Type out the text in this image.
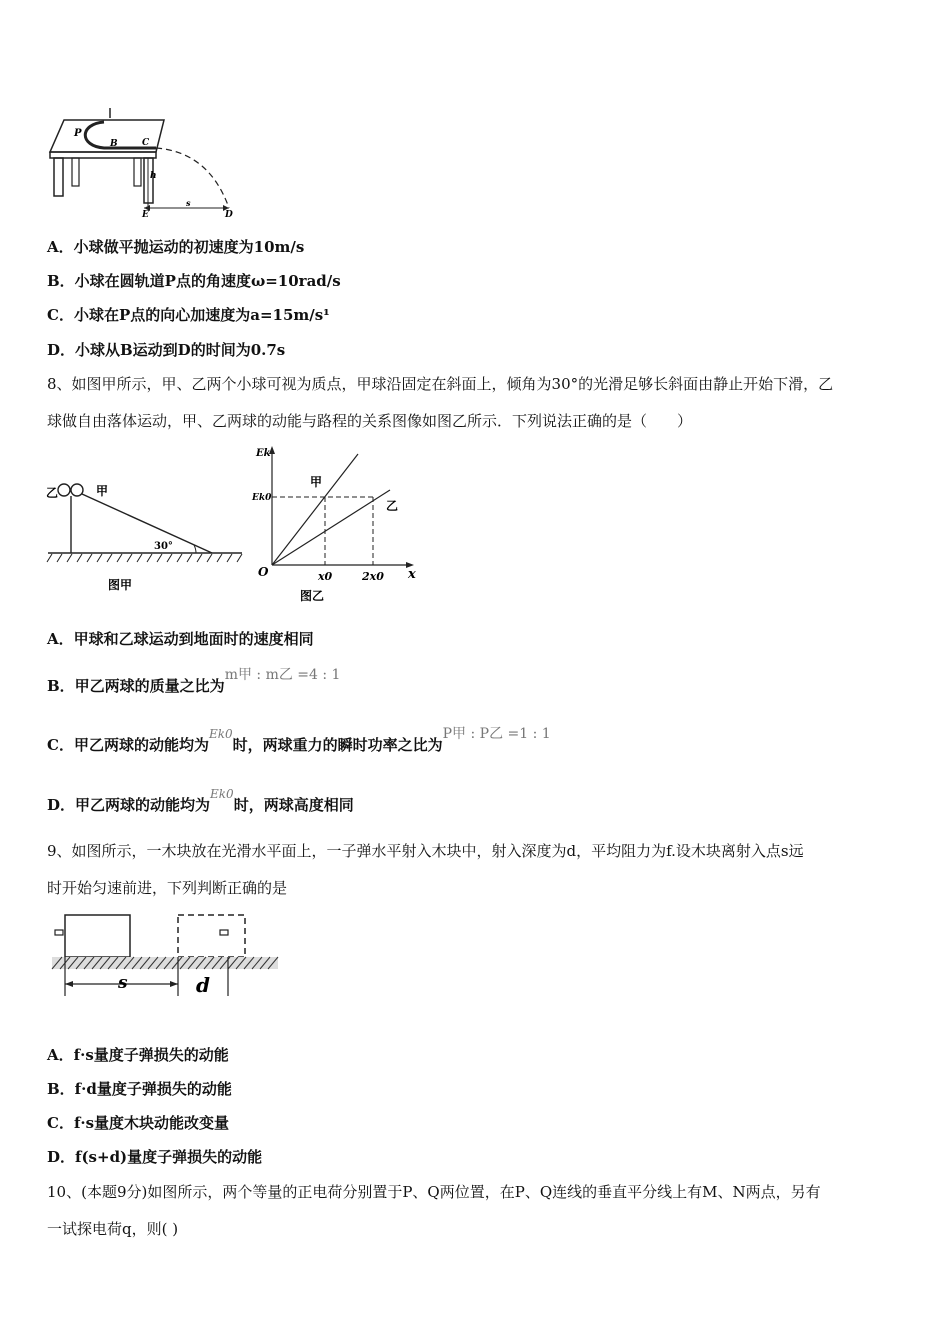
P
B	C
h
E
s
D
A．小球做平抛运动的初速度为10m/s
B．小球在圆轨道P点的角速度ω=10rad/s
C．小球在P点的向心加速度为a=15m/s¹
D．小球从B运动到D的时间为0.7s
8、如图甲所示，甲、乙两个小球可视为质点，甲球沿固定在斜面上，倾角为30°的光滑足够长斜面由静止开始下滑，乙
球做自由落体运动，甲、乙两球的动能与路程的关系图像如图乙所示．下列说法正确的是（　　）
乙	甲
30°
图甲
Ek
Ek0
O	x
x0	2x0
甲
乙
图乙
A．甲球和乙球运动到地面时的速度相同
B．甲乙两球的质量之比为m甲 : m乙 =4 : 1
C．甲乙两球的动能均为Ek0时，两球重力的瞬时功率之比为P甲 : P乙 =1 : 1
D．甲乙两球的动能均为Ek0时，两球高度相同
9、如图所示，一木块放在光滑水平面上，一子弹水平射入木块中，射入深度为d，平均阻力为f.设木块离射入点s远
时开始匀速前进，下列判断正确的是
s	d
A．f·s量度子弹损失的动能
B．f·d量度子弹损失的动能
C．f·s量度木块动能改变量
D．f(s+d)量度子弹损失的动能
10、(本题9分)如图所示，两个等量的正电荷分别置于P、Q两位置，在P、Q连线的垂直平分线上有M、N两点，另有
一试探电荷q，则( )
